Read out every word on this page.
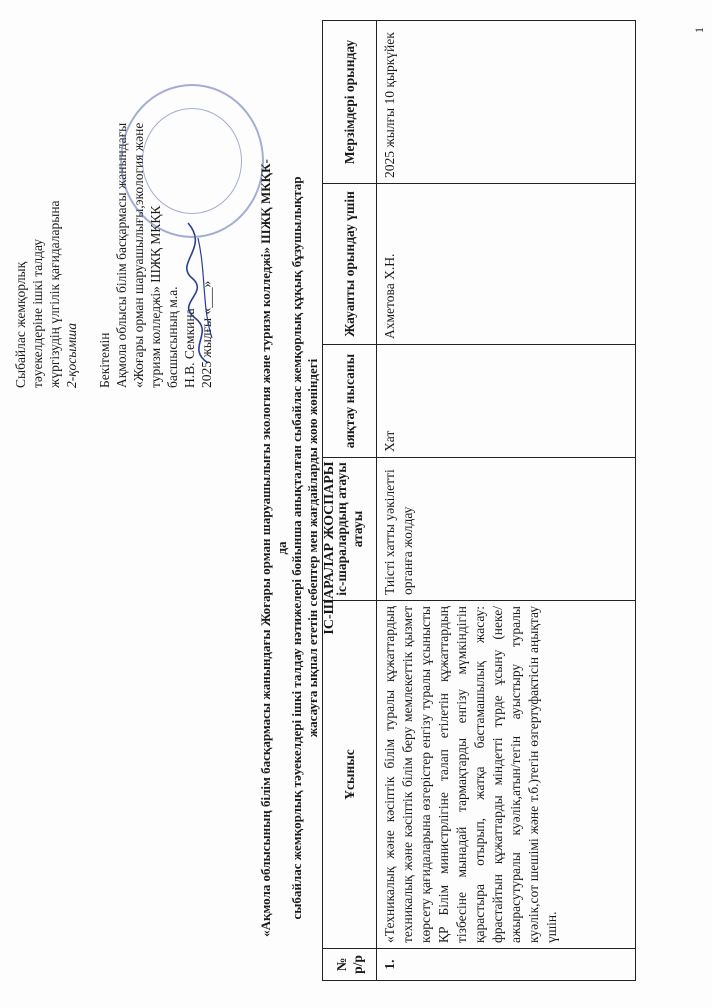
Сыбайлас жемқорлық тәуекелдеріне ішкі талдау жүргізудің үлгілік қағидаларына 2-қосымша Бекітемін Ақмола облысы білім басқармасы жанындағы «Жоғары орман шаруашылығы,экология және туризм колледжі» ШЖҚ МКҚК басшысының м.а. Н.В. Семкина 2025 жылғы «___»	«Ақмола облысының білім басқармасы жанындағы Жоғары орман шаруашылығы экология және туризм колледжі» ШЖҚ МКҚК-да сыбайлас жемқорлық тәуекелдері ішкі талдау нәтижелері бойынша анықталған сыбайлас жемқорлық құқық бұзушылықтар жасауға ықпал ететін себептер мен жағдайларды жою жөніндегі ІС-ШАРАЛАР ЖОСПАРЫ
№ р/р	Ұсыныс	іс-шаралардың атауы атауы	аяқтау нысаны	Жауапты орындау үшін	Мерзімдері орындау
1.	«Техникалық және кәсіптік білім туралы құжаттардың техникалық және кәсіптік білім беру мемлекеттік қызмет көрсету қағидаларына өзгерістер енгізу туралы ұсынысты ҚР Білім министрлігіне талап етілетін құжаттардың тізбесіне мынадай тармақтарды енгізу мүмкіндігін қарастыра отырып, жатқа бастамашылық жасау: фрастайтын құжаттарды міндетті түрде ұсыну (неке/ажырасутуралы куәлік,атын/тегін ауыстыру туралы куәлік,сот шешімі және т.б.)тегін өзгертуфактісін аңықтау үшін.	Тиісті хатты уәкілетті органға жолдау	Хат	Ахметова Х.Н.	2025 жылғы 10 қыркүйек
1
